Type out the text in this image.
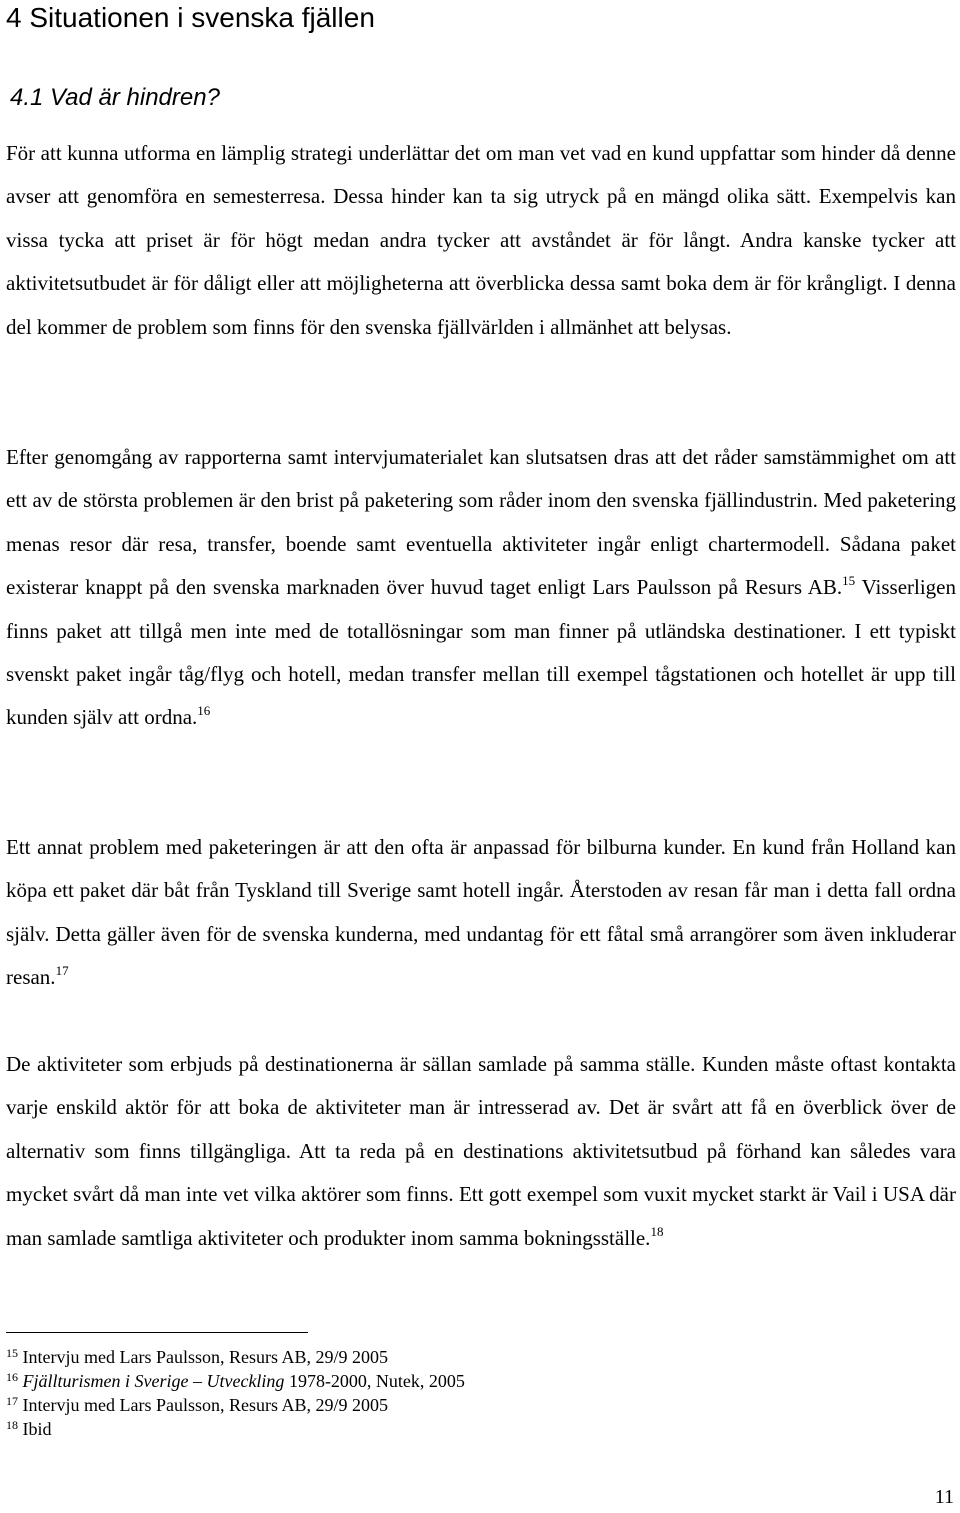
4 Situationen i svenska fjällen
4.1 Vad är hindren?

För att kunna utforma en lämplig strategi underlättar det om man vet vad en kund uppfattar som hinder då denne avser att genomföra en semesterresa. Dessa hinder kan ta sig utryck på en mängd olika sätt. Exempelvis kan vissa tycka att priset är för högt medan andra tycker att avståndet är för långt. Andra kanske tycker att aktivitetsutbudet är för dåligt eller att möjligheterna att överblicka dessa samt boka dem är för krångligt. I denna del kommer de problem som finns för den svenska fjällvärlden i allmänhet att belysas.

Efter genomgång av rapporterna samt intervjumaterialet kan slutsatsen dras att det råder samstämmighet om att ett av de största problemen är den brist på paketering som råder inom den svenska fjällindustrin. Med paketering menas resor där resa, transfer, boende samt eventuella aktiviteter ingår enligt chartermodell. Sådana paket existerar knappt på den svenska marknaden över huvud taget enligt Lars Paulsson på Resurs AB.$^{15}$ Visserligen finns paket att tillgå men inte med de totallösningar som man finner på utländska destinationer. I ett typiskt svenskt paket ingår tåg/flyg och hotell, medan transfer mellan till exempel tågstationen och hotellet är upp till kunden själv att ordna.$^{16}$

Ett annat problem med paketeringen är att den ofta är anpassad för bilburna kunder. En kund från Holland kan köpa ett paket där båt från Tyskland till Sverige samt hotell ingår. Återstoden av resan får man i detta fall ordna själv. Detta gäller även för de svenska kunderna, med undantag för ett fåtal små arrangörer som även inkluderar resan.$^{17}$

De aktiviteter som erbjuds på destinationerna är sällan samlade på samma ställe. Kunden måste oftast kontakta varje enskild aktör för att boka de aktiviteter man är intresserad av. Det är svårt att få en överblick över de alternativ som finns tillgängliga. Att ta reda på en destinations aktivitetsutbud på förhand kan således vara mycket svårt då man inte vet vilka aktörer som finns. Ett gott exempel som vuxit mycket starkt är Vail i USA där man samlade samtliga aktiviteter och produkter inom samma bokningsställe.$^{18}$

$^{15}$ Intervju med Lars Paulsson, Resurs AB, 29/9 2005
$^{16}$ Fjällturismen i Sverige – Utveckling 1978-2000, Nutek, 2005
$^{17}$ Intervju med Lars Paulsson, Resurs AB, 29/9 2005
$^{18}$ Ibid
11
